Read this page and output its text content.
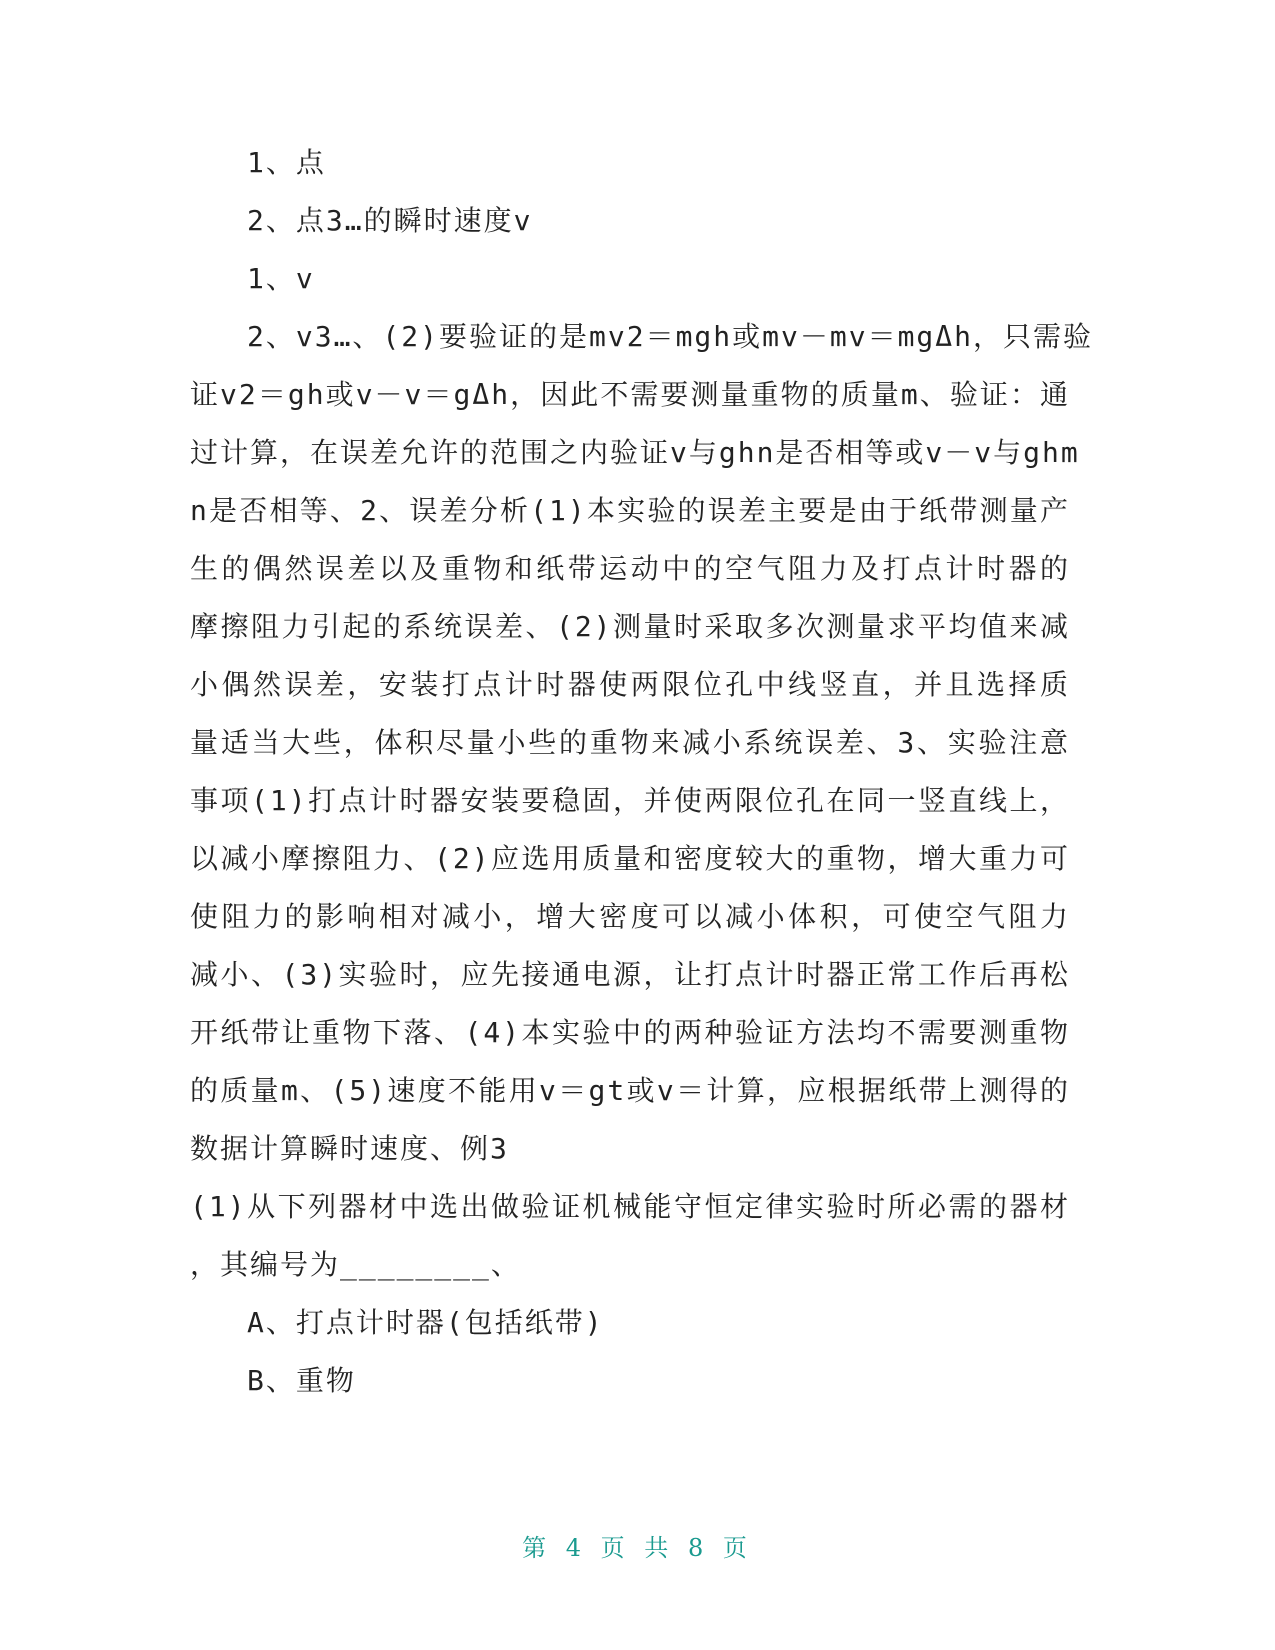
1、点
2、点3…的瞬时速度v
1、v
2、v3…、(2)要验证的是mv2＝mgh或mv－mv＝mgΔh，只需验
证v2＝gh或v－v＝gΔh，因此不需要测量重物的质量m、验证：通
过计算，在误差允许的范围之内验证v与ghn是否相等或v－v与ghm
n是否相等、2、误差分析(1)本实验的误差主要是由于纸带测量产
生的偶然误差以及重物和纸带运动中的空气阻力及打点计时器的
摩擦阻力引起的系统误差、(2)测量时采取多次测量求平均值来减
小偶然误差，安装打点计时器使两限位孔中线竖直，并且选择质
量适当大些，体积尽量小些的重物来减小系统误差、3、实验注意
事项(1)打点计时器安装要稳固，并使两限位孔在同一竖直线上，
以减小摩擦阻力、(2)应选用质量和密度较大的重物，增大重力可
使阻力的影响相对减小，增大密度可以减小体积，可使空气阻力
减小、(3)实验时，应先接通电源，让打点计时器正常工作后再松
开纸带让重物下落、(4)本实验中的两种验证方法均不需要测重物
的质量m、(5)速度不能用v＝gt或v＝计算，应根据纸带上测得的
数据计算瞬时速度、例3
(1)从下列器材中选出做验证机械能守恒定律实验时所必需的器材
，其编号为________、
A、打点计时器(包括纸带)
B、重物
第 4 页 共 8 页
